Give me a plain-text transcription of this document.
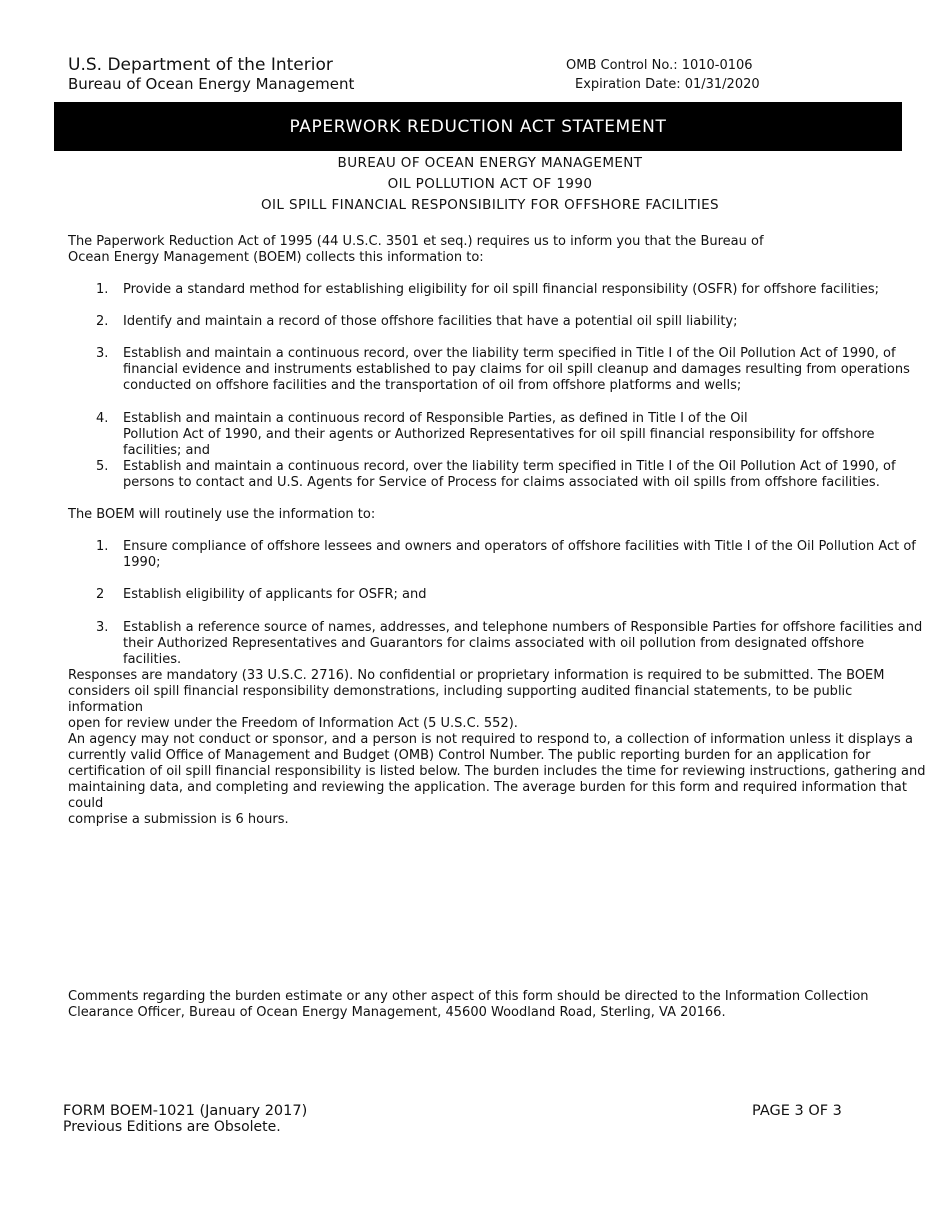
U.S. Department of the Interior
Bureau of Ocean Energy Management
OMB Control No.: 1010-0106
Expiration Date: 01/31/2020
PAPERWORK REDUCTION ACT STATEMENT
BUREAU OF OCEAN ENERGY MANAGEMENT
OIL POLLUTION ACT OF 1990
OIL SPILL FINANCIAL RESPONSIBILITY FOR OFFSHORE FACILITIES
The Paperwork Reduction Act of 1995 (44 U.S.C. 3501 et seq.) requires us to inform you that the Bureau of
Ocean Energy Management (BOEM) collects this information to:
1. Provide a standard method for establishing eligibility for oil spill financial responsibility (OSFR) for offshore facilities;
2. Identify and maintain a record of those offshore facilities that have a potential oil spill liability;
3. Establish and maintain a continuous record, over the liability term specified in Title I of the Oil Pollution Act of 1990, of
financial evidence and instruments established to pay claims for oil spill cleanup and damages resulting from operations
conducted on offshore facilities and the transportation of oil from offshore platforms and wells;
4. Establish and maintain a continuous record of Responsible Parties, as defined in Title I of the Oil
Pollution Act of 1990, and their agents or Authorized Representatives for oil spill financial responsibility for offshore facilities; and
5. Establish and maintain a continuous record, over the liability term specified in Title I of the Oil Pollution Act of 1990, of
persons to contact and U.S. Agents for Service of Process for claims associated with oil spills from offshore facilities.
The BOEM will routinely use the information to:
1. Ensure compliance of offshore lessees and owners and operators of offshore facilities with Title I of the Oil Pollution Act of
1990;
2 Establish eligibility of applicants for OSFR; and
3. Establish a reference source of names, addresses, and telephone numbers of Responsible Parties for offshore facilities and
their Authorized Representatives and Guarantors for claims associated with oil pollution from designated offshore facilities.
Responses are mandatory (33 U.S.C. 2716). No confidential or proprietary information is required to be submitted. The BOEM
considers oil spill financial responsibility demonstrations, including supporting audited financial statements, to be public information
open for review under the Freedom of Information Act (5 U.S.C. 552).
An agency may not conduct or sponsor, and a person is not required to respond to, a collection of information unless it displays a
currently valid Office of Management and Budget (OMB) Control Number. The public reporting burden for an application for
certification of oil spill financial responsibility is listed below. The burden includes the time for reviewing instructions, gathering and
maintaining data, and completing and reviewing the application. The average burden for this form and required information that could
comprise a submission is 6 hours.
Comments regarding the burden estimate or any other aspect of this form should be directed to the Information Collection
Clearance Officer, Bureau of Ocean Energy Management, 45600 Woodland Road, Sterling, VA 20166.
FORM BOEM-1021 (January 2017)
Previous Editions are Obsolete.
PAGE 3 OF 3
